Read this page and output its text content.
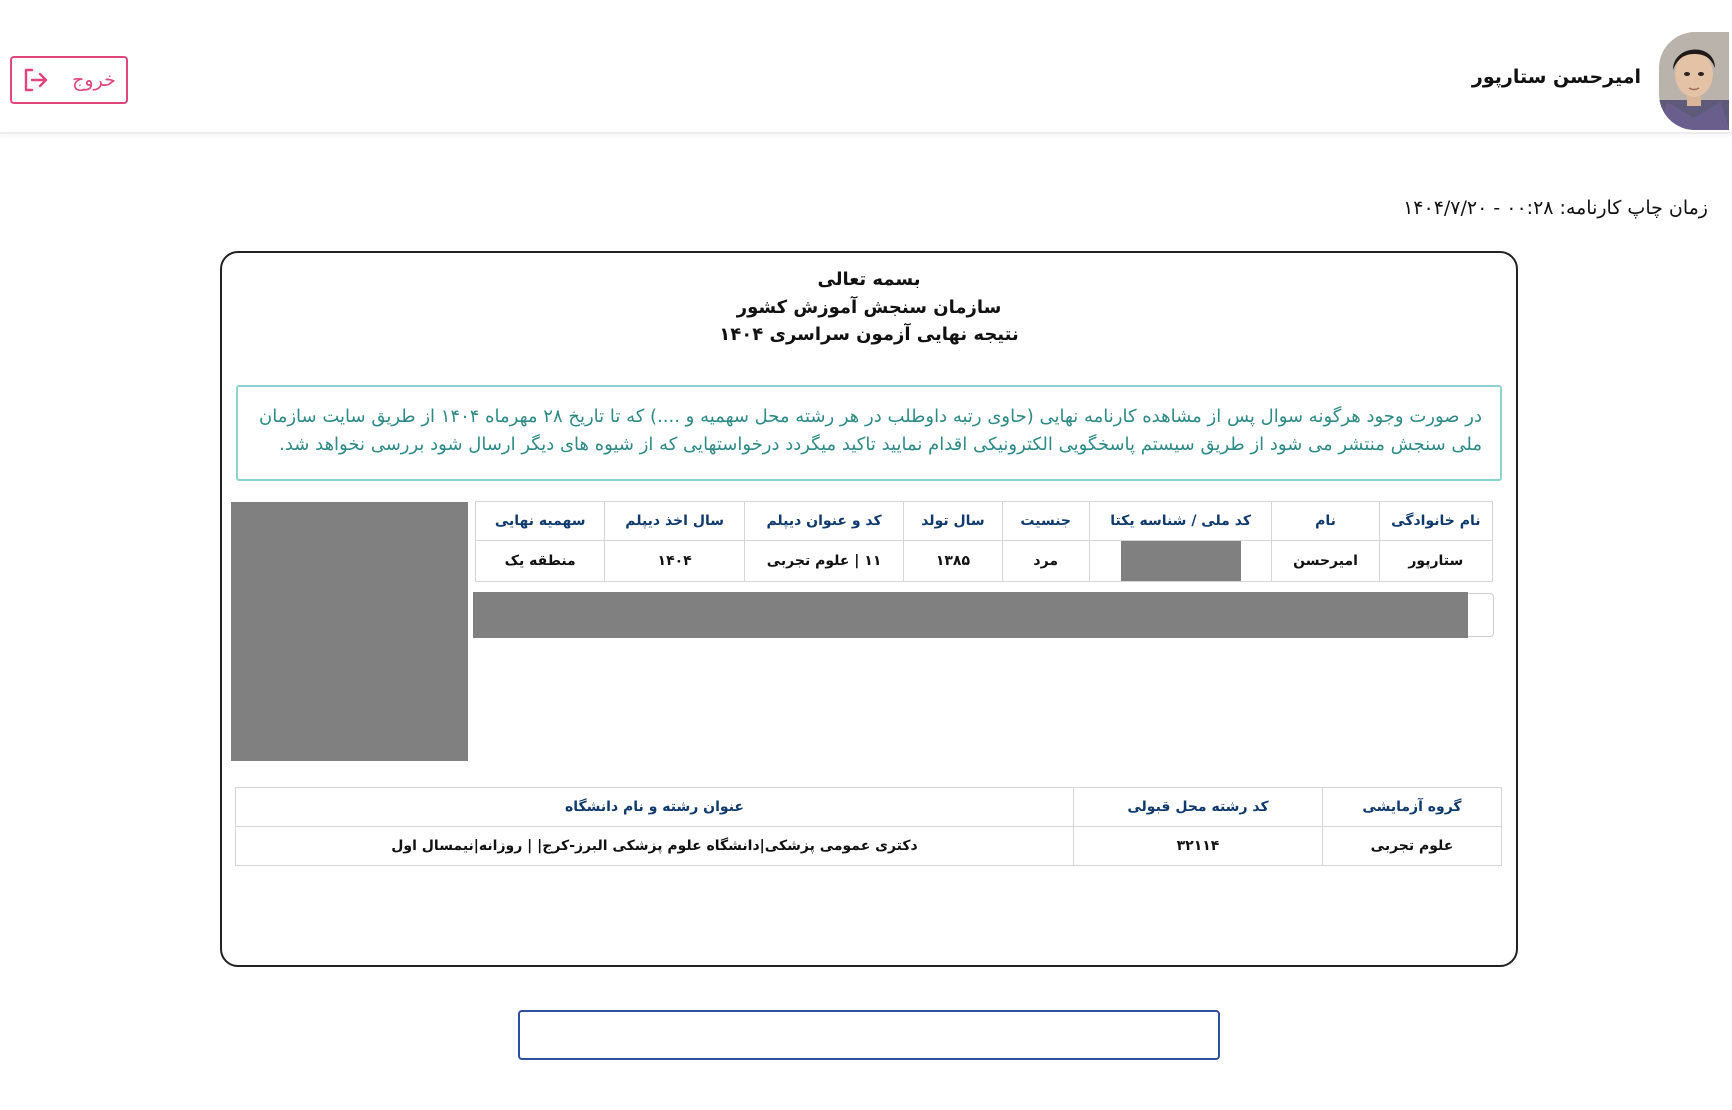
خروج	امیرحسن ستارپور
زمان چاپ کارنامه: ۰۰:۲۸ - ۱۴۰۴/۷/۲۰
بسمه تعالی
سازمان سنجش آموزش کشور
نتیجه نهایی آزمون سراسری ۱۴۰۴
در صورت وجود هرگونه سوال پس از مشاهده کارنامه نهایی (حاوی رتبه داوطلب در هر رشته محل سهمیه و ....) که تا تاریخ ۲۸ مهرماه ۱۴۰۴ از طریق سایت سازمان ملی سنجش منتشر می شود از طریق سیستم پاسخگویی الکترونیکی اقدام نمایید تاکید میگردد درخواستهایی که از شیوه های دیگر ارسال شود بررسی نخواهد شد.
نام خانوادگی	نام	کد ملی / شناسه یکتا	جنسیت	سال تولد	کد و عنوان دیپلم	سال اخذ دیپلم	سهمیه نهایی
ستارپور	امیرحسن		مرد	۱۳۸۵	۱۱ | علوم تجربی	۱۴۰۴	منطقه یک
گروه آزمایشی	کد رشته محل قبولی	عنوان رشته و نام دانشگاه
علوم تجربی	۳۲۱۱۴	دکتری عمومی پزشکی|دانشگاه علوم پزشکی البرز-کرج| | روزانه|نیمسال اول
